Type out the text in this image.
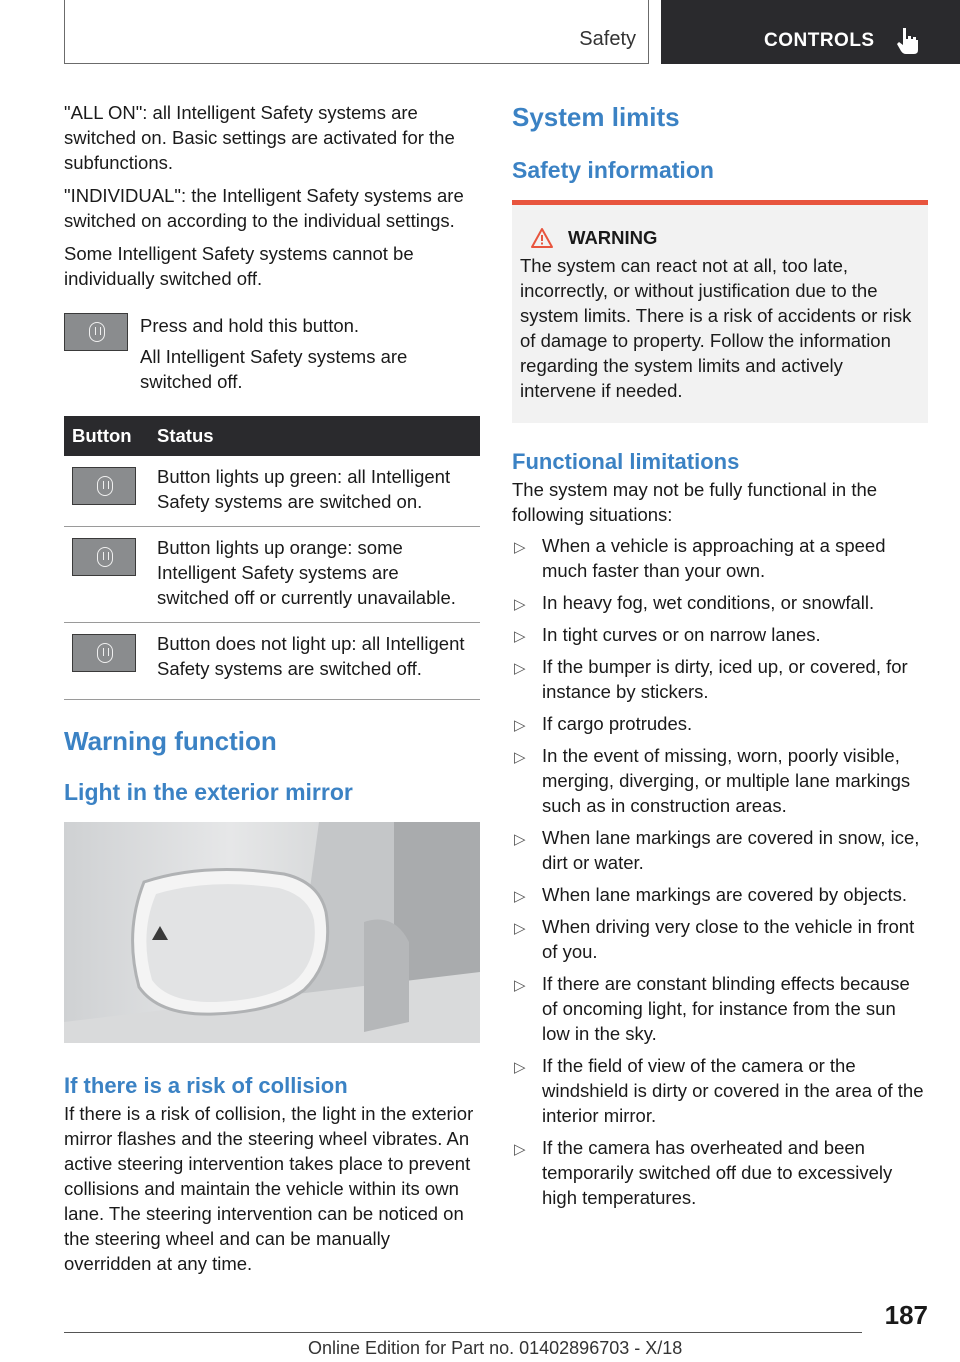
Safety	CONTROLS

"ALL ON": all Intelligent Safety systems are switched on. Basic settings are activated for the subfunctions.

"INDIVIDUAL": the Intelligent Safety systems are switched on according to the individual settings.

Some Intelligent Safety systems cannot be individually switched off.

Press and hold this button.
All Intelligent Safety systems are switched off.
Button	Status

	Button lights up green: all Intelligent Safety systems are switched on.

	Button lights up orange: some Intelligent Safety systems are switched off or currently unavailable.

	Button does not light up: all Intelligent Safety systems are switched off.
Warning function
Light in the exterior mirror
If there is a risk of collision

If there is a risk of collision, the light in the exterior mirror flashes and the steering wheel vibrates. An active steering intervention takes place to prevent collisions and maintain the vehicle within its own lane. The steering intervention can be noticed on the steering wheel and can be manually overridden at any time.

System limits
Safety information
WARNING

The system can react not at all, too late, incorrectly, or without justification due to the system limits. There is a risk of accidents or risk of damage to property. Follow the information regarding the system limits and actively intervene if needed.

Functional limitations

The system may not be fully functional in the following situations:

▷ When a vehicle is approaching at a speed much faster than your own.
▷ In heavy fog, wet conditions, or snowfall.
▷ In tight curves or on narrow lanes.
▷ If the bumper is dirty, iced up, or covered, for instance by stickers.
▷ If cargo protrudes.
▷ In the event of missing, worn, poorly visible, merging, diverging, or multiple lane markings such as in construction areas.
▷ When lane markings are covered in snow, ice, dirt or water.
▷ When lane markings are covered by objects.
▷ When driving very close to the vehicle in front of you.
▷ If there are constant blinding effects because of oncoming light, for instance from the sun low in the sky.
▷ If the field of view of the camera or the windshield is dirty or covered in the area of the interior mirror.
▷ If the camera has overheated and been temporarily switched off due to excessively high temperatures.
187
Online Edition for Part no. 01402896703 - X/18
